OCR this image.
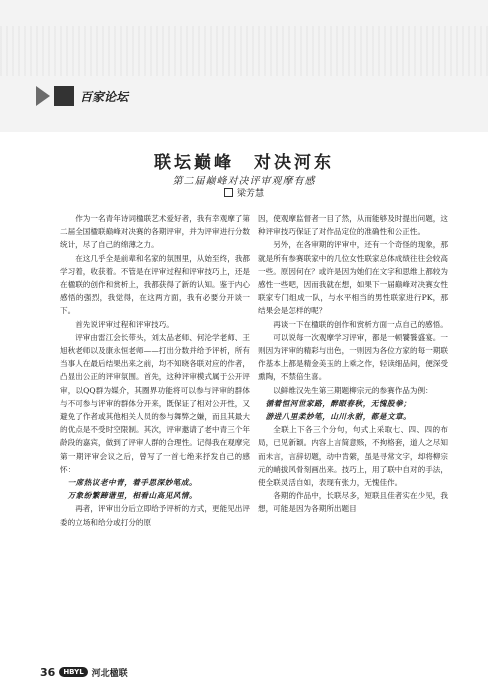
百家论坛
联坛巅峰　对决河东
第二届巅峰对决评审观摩有感
梁芳慧

作为一名青年诗词楹联艺术爱好者，我有幸观摩了第二届全国楹联巅峰对决赛的各期评审，并为评审进行分数统计，尽了自己的绵薄之力。

在这几乎全是前辈和名家的氛围里，从始至终，我都学习着，收获着。不管是在评审过程和评审技巧上，还是在楹联的创作和赏析上，我都获得了新的认知。鉴于内心感悟的强烈，我觉得，在这两方面，我有必要分开谈一下。

首先说评审过程和评审技巧。

评审由雷江会长带头，刘太品老师、何沦学老师、王旭秋老师以及康永恒老师——打出分数并给予评析，所有当事人在最后结果出来之前，均不知晓各联对应的作者，凸显出公正的评审氛围。首先，这种评审模式属于公开评审，以QQ群为媒介，其圈界功能将可以参与评审的群体与不可参与评审的群体分开来，既保证了相对公开性，又避免了作者或其他相关人员的参与舞弊之嫌，而且其最大的优点是不受时空限制。其次，评审邀请了老中青三个年龄段的嘉宾，做到了评审人群的合理性。记得我在观摩完第一期评审会议之后，曾写了一首七绝来抒发自己的感怀：

一席热议老中青，着手思深妙笔成。

万象纷繁蹄谐里，相看山高见风情。

再者，评审出分后立即给予评析的方式，更能见出评委的立场和给分或打分的原

因，使观摩监督者一目了然，从而能够及时提出问题，这种评审技巧保证了对作品定位的准确性和公正性。

另外，在各审期的评审中，还有一个奇怪的现象，那就是所有参赛联家中的几位女性联家总体成绩往往会较高一些。原因何在？或许是因为她们在文字和思维上都较为感性一些吧，因而我就在想，如果下一届巅峰对决赛女性联家专门组成一队，与水平相当的男性联家进行PK，那结果会是怎样的呢？

再谈一下在楹联的创作和赏析方面一点自己的感悟。

可以说每一次观摩学习评审，都是一顿饕餮盛宴。一则因为评审的精彩与出色，一则因为各位方家的每一期联作基本上都是精金美玉的上乘之作，轻读细品间，便深受熏陶，不禁倍生喜。

以鲜维汉先生第三期题柳宗元的参赛作品为例：

循着恒河世家路，醉眼春秋，无愧股拳；

游进八里柔妙笔，山川永驸，都是文章。

全联上下各三个分句，句式上采取七、四、四的布局，已见新颖。内容上言简意赅，不拘格套，道人之尽知而未言，言辞切题，动中肯綮，虽是寻常文字，却将柳宗元的峭拔风骨刻画出来。技巧上，用了联中自对的手法，使全联灵活自如，表现有张力，无愧佳作。

各期的作品中，长联尽多，短联且佳者实在少见，我想，可能是因为各期所出题目

36	HBYL 河北楹联
